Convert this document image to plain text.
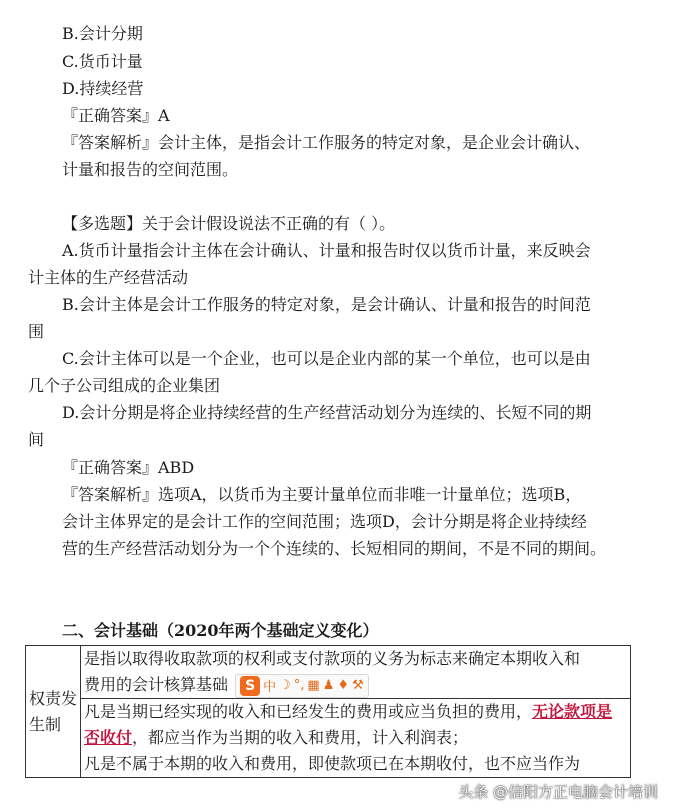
B.会计分期
C.货币计量
D.持续经营
『正确答案』A
『答案解析』会计主体，是指会计工作服务的特定对象，是企业会计确认、
计量和报告的空间范围。
【多选题】关于会计假设说法不正确的有（ ）。
A.货币计量指会计主体在会计确认、计量和报告时仅以货币计量，来反映会
计主体的生产经营活动
B.会计主体是会计工作服务的特定对象，是会计确认、计量和报告的时间范
围
C.会计主体可以是一个企业，也可以是企业内部的某一个单位，也可以是由
几个子公司组成的企业集团
D.会计分期是将企业持续经营的生产经营活动划分为连续的、长短不同的期
间
『正确答案』ABD
『答案解析』选项A，以货币为主要计量单位而非唯一计量单位；选项B，
会计主体界定的是会计工作的空间范围；选项D，会计分期是将企业持续经
营的生产经营活动划分为一个个连续的、长短相同的期间，不是不同的期间。
二、会计基础（2020年两个基础定义变化）
权责发生制	是指以取得收取款项的权利或支付款项的义务为标志来确定本期收入和
费用的会计核算基础	S 中 ☽ °, ▦ ♟ ♦ ⚒

凡是当期已经实现的收入和已经发生的费用或应当负担的费用，无论款项是否收付，都应当作为当期的收入和费用，计入利润表；
凡是不属于本期的收入和费用，即使款项已在本期收付，也不应当作为
头条 @信阳方正电脑会计培训
